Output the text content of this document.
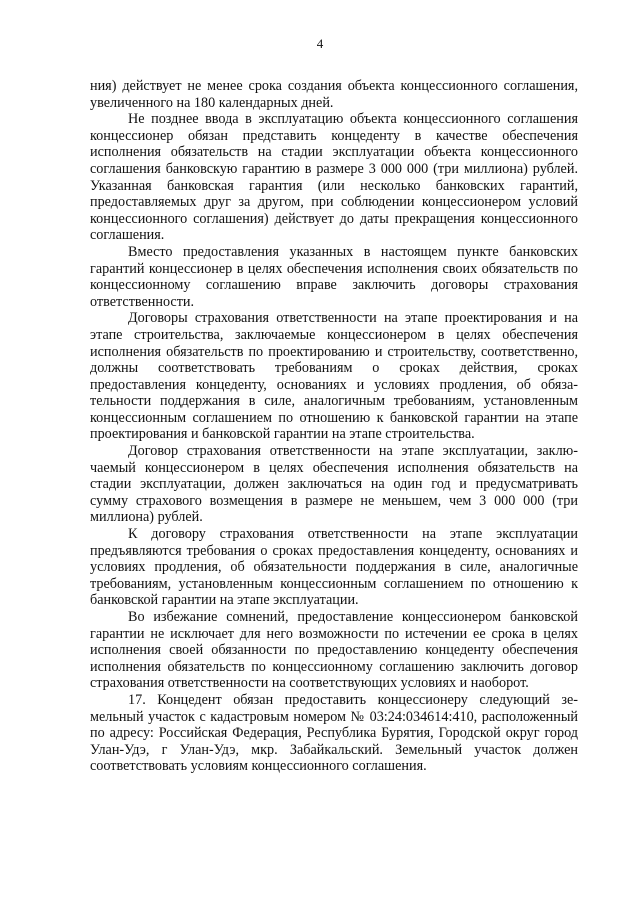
4

ния) действует не менее срока создания объекта концессионного соглашения, увеличенного на 180 календарных дней.

Не позднее ввода в эксплуатацию объекта концессионного соглашения концессионер обязан представить концеденту в качестве обеспечения исполнения обязательств на стадии эксплуатации объекта концессионного соглашения банковскую гарантию в размере 3 000 000 (три миллиона) рублей. Указанная банковская гарантия (или несколько банковских гарантий, предоставляемых друг за другом, при соблюдении концессионером условий концессионного соглашения) действует до даты прекращения концессионного соглашения.

Вместо предоставления указанных в настоящем пункте банковских гарантий концессионер в целях обеспечения исполнения своих обязательств по концессионному соглашению вправе заключить договоры страхования ответственности.

Договоры страхования ответственности на этапе проектирования и на этапе строительства, заключаемые концессионером в целях обеспечения исполнения обязательств по проектированию и строительству, соответственно, должны соответствовать требованиям о сроках действия, сроках предоставления концеденту, основаниях и условиях продления, об обязательности поддержания в силе, аналогичным требованиям, установленным концессионным соглашением по отношению к банковской гарантии на этапе проектирования и банковской гарантии на этапе строительства.

Договор страхования ответственности на этапе эксплуатации, заключаемый концессионером в целях обеспечения исполнения обязательств на стадии эксплуатации, должен заключаться на один год и предусматривать сумму страхового возмещения в размере не меньшем, чем 3 000 000 (три миллиона) рублей.

К договору страхования ответственности на этапе эксплуатации предъявляются требования о сроках предоставления концеденту, основаниях и условиях продления, об обязательности поддержания в силе, аналогичные требованиям, установленным концессионным соглашением по отношению к банковской гарантии на этапе эксплуатации.

Во избежание сомнений, предоставление концессионером банковской гарантии не исключает для него возможности по истечении ее срока в целях исполнения своей обязанности по предоставлению концеденту обеспечения исполнения обязательств по концессионному соглашению заключить договор страхования ответственности на соответствующих условиях и наоборот.

17. Концедент обязан предоставить концессионеру следующий земельный участок с кадастровым номером № 03:24:034614:410, расположенный по адресу: Российская Федерация, Республика Бурятия, Городской округ город Улан-Удэ, г Улан-Удэ, мкр. Забайкальский. Земельный участок должен соответствовать условиям концессионного соглашения.
